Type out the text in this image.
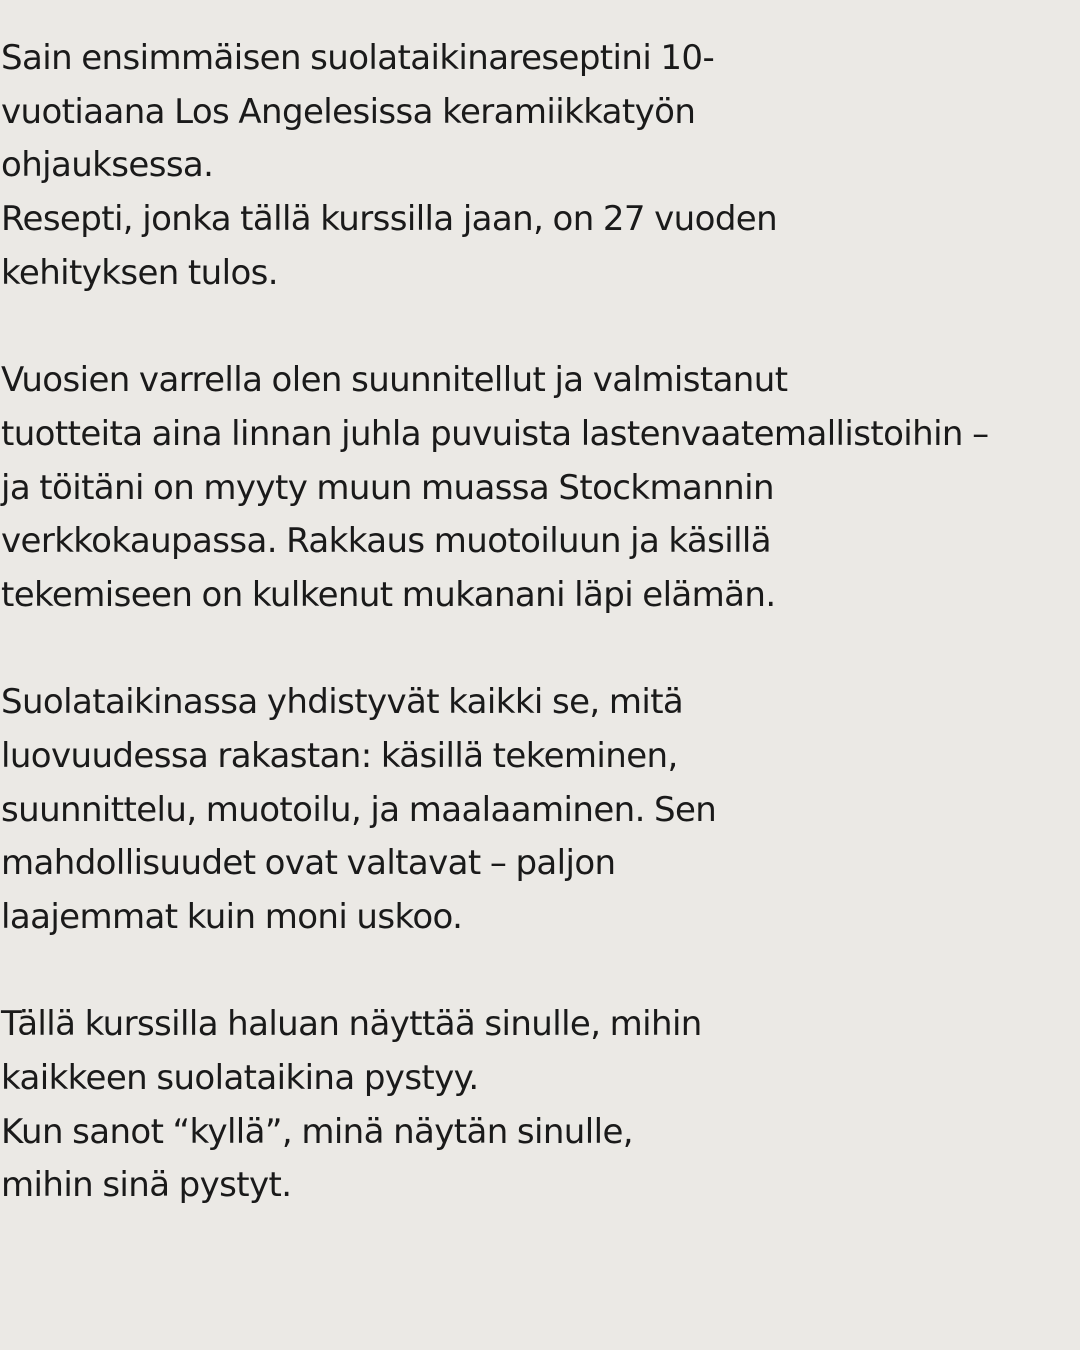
Sain ensimmäisen suolataikinareseptini 10-
vuotiaana Los Angelesissa keramiikkatyön
ohjauksessa.
Resepti, jonka tällä kurssilla jaan, on 27 vuoden
kehityksen tulos.

Vuosien varrella olen suunnitellut ja valmistanut
tuotteita aina linnan juhla puvuista lastenvaatemallistoihin –
ja töitäni on myyty muun muassa Stockmannin
verkkokaupassa. Rakkaus muotoiluun ja käsillä
tekemiseen on kulkenut mukanani läpi elämän.

Suolataikinassa yhdistyvät kaikki se, mitä
luovuudessa rakastan: käsillä tekeminen,
suunnittelu, muotoilu, ja maalaaminen. Sen
mahdollisuudet ovat valtavat – paljon
laajemmat kuin moni uskoo.

Tällä kurssilla haluan näyttää sinulle, mihin
kaikkeen suolataikina pystyy.
Kun sanot “kyllä”, minä näytän sinulle,
mihin sinä pystyt.
